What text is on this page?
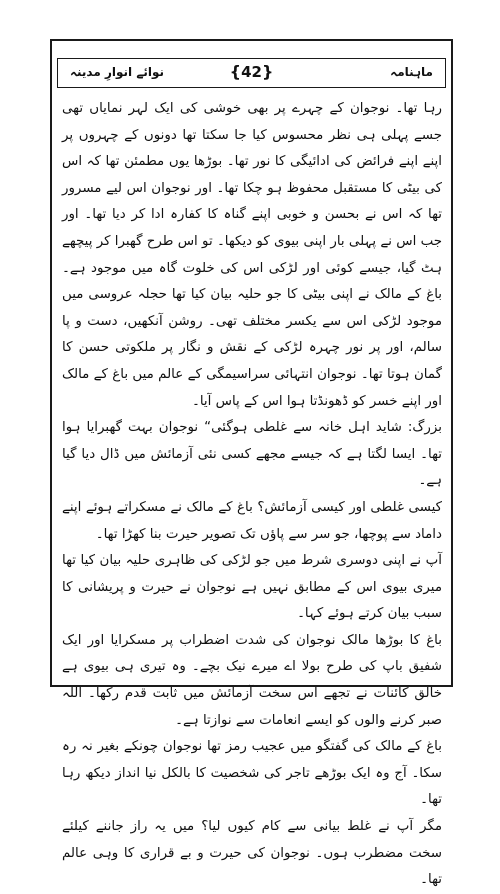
نوائے انوارِ مدینہ	{42}	ماہنامہ

رہا تھا۔ نوجوان کے چہرے پر بھی خوشی کی ایک لہر نمایاں تھی جسے پہلی ہی نظر محسوس کیا جا سکتا تھا دونوں کے چہروں پر اپنے اپنے فرائض کی ادائیگی کا نور تھا۔ بوڑھا یوں مطمئن تھا کہ اس کی بیٹی کا مستقبل محفوظ ہو چکا تھا۔ اور نوجوان اس لیے مسرور تھا کہ اس نے بحسن و خوبی اپنے گناہ کا کفارہ ادا کر دیا تھا۔ اور جب اس نے پہلی بار اپنی بیوی کو دیکھا۔ تو اس طرح گھبرا کر پیچھے ہٹ گیا، جیسے کوئی اور لڑکی اس کی خلوت گاہ میں موجود ہے۔ باغ کے مالک نے اپنی بیٹی کا جو حلیہ بیان کیا تھا حجلہ عروسی میں موجود لڑکی اس سے یکسر مختلف تھی۔ روشن آنکھیں، دست و پا سالم، اور پر نور چہرہ لڑکی کے نقش و نگار پر ملکوتی حسن کا گمان ہوتا تھا۔ نوجوان انتہائی سراسیمگی کے عالم میں باغ کے مالک اور اپنے خسر کو ڈھونڈتا ہوا اس کے پاس آیا۔

بزرگ: شاید اہل خانہ سے غلطی ہوگئی“ نوجوان بہت گھبرایا ہوا تھا۔ ایسا لگتا ہے کہ جیسے مجھے کسی نئی آزمائش میں ڈال دیا گیا ہے۔

کیسی غلطی اور کیسی آزمائش؟ باغ کے مالک نے مسکراتے ہوئے اپنے داماد سے پوچھا، جو سر سے پاؤں تک تصویر حیرت بنا کھڑا تھا۔

آپ نے اپنی دوسری شرط میں جو لڑکی کی ظاہری حلیہ بیان کیا تھا میری بیوی اس کے مطابق نہیں ہے نوجوان نے حیرت و پریشانی کا سبب بیان کرتے ہوئے کہا۔

باغ کا بوڑھا مالک نوجوان کی شدت اضطراب پر مسکرایا اور ایک شفیق باپ کی طرح بولا اے میرے نیک بچے۔ وہ تیری ہی بیوی ہے خالق کائنات نے تجھے اس سخت آزمائش میں ثابت قدم رکھا۔ اللہ صبر کرنے والوں کو ایسے انعامات سے نوازتا ہے۔

باغ کے مالک کی گفتگو میں عجیب رمز تھا نوجوان چونکے بغیر نہ رہ سکا۔ آج وہ ایک بوڑھے تاجر کی شخصیت کا بالکل نیا انداز دیکھ رہا تھا۔

مگر آپ نے غلط بیانی سے کام کیوں لیا؟ میں یہ راز جاننے کیلئے سخت مضطرب ہوں۔ نوجوان کی حیرت و بے قراری کا وہی عالم تھا۔
